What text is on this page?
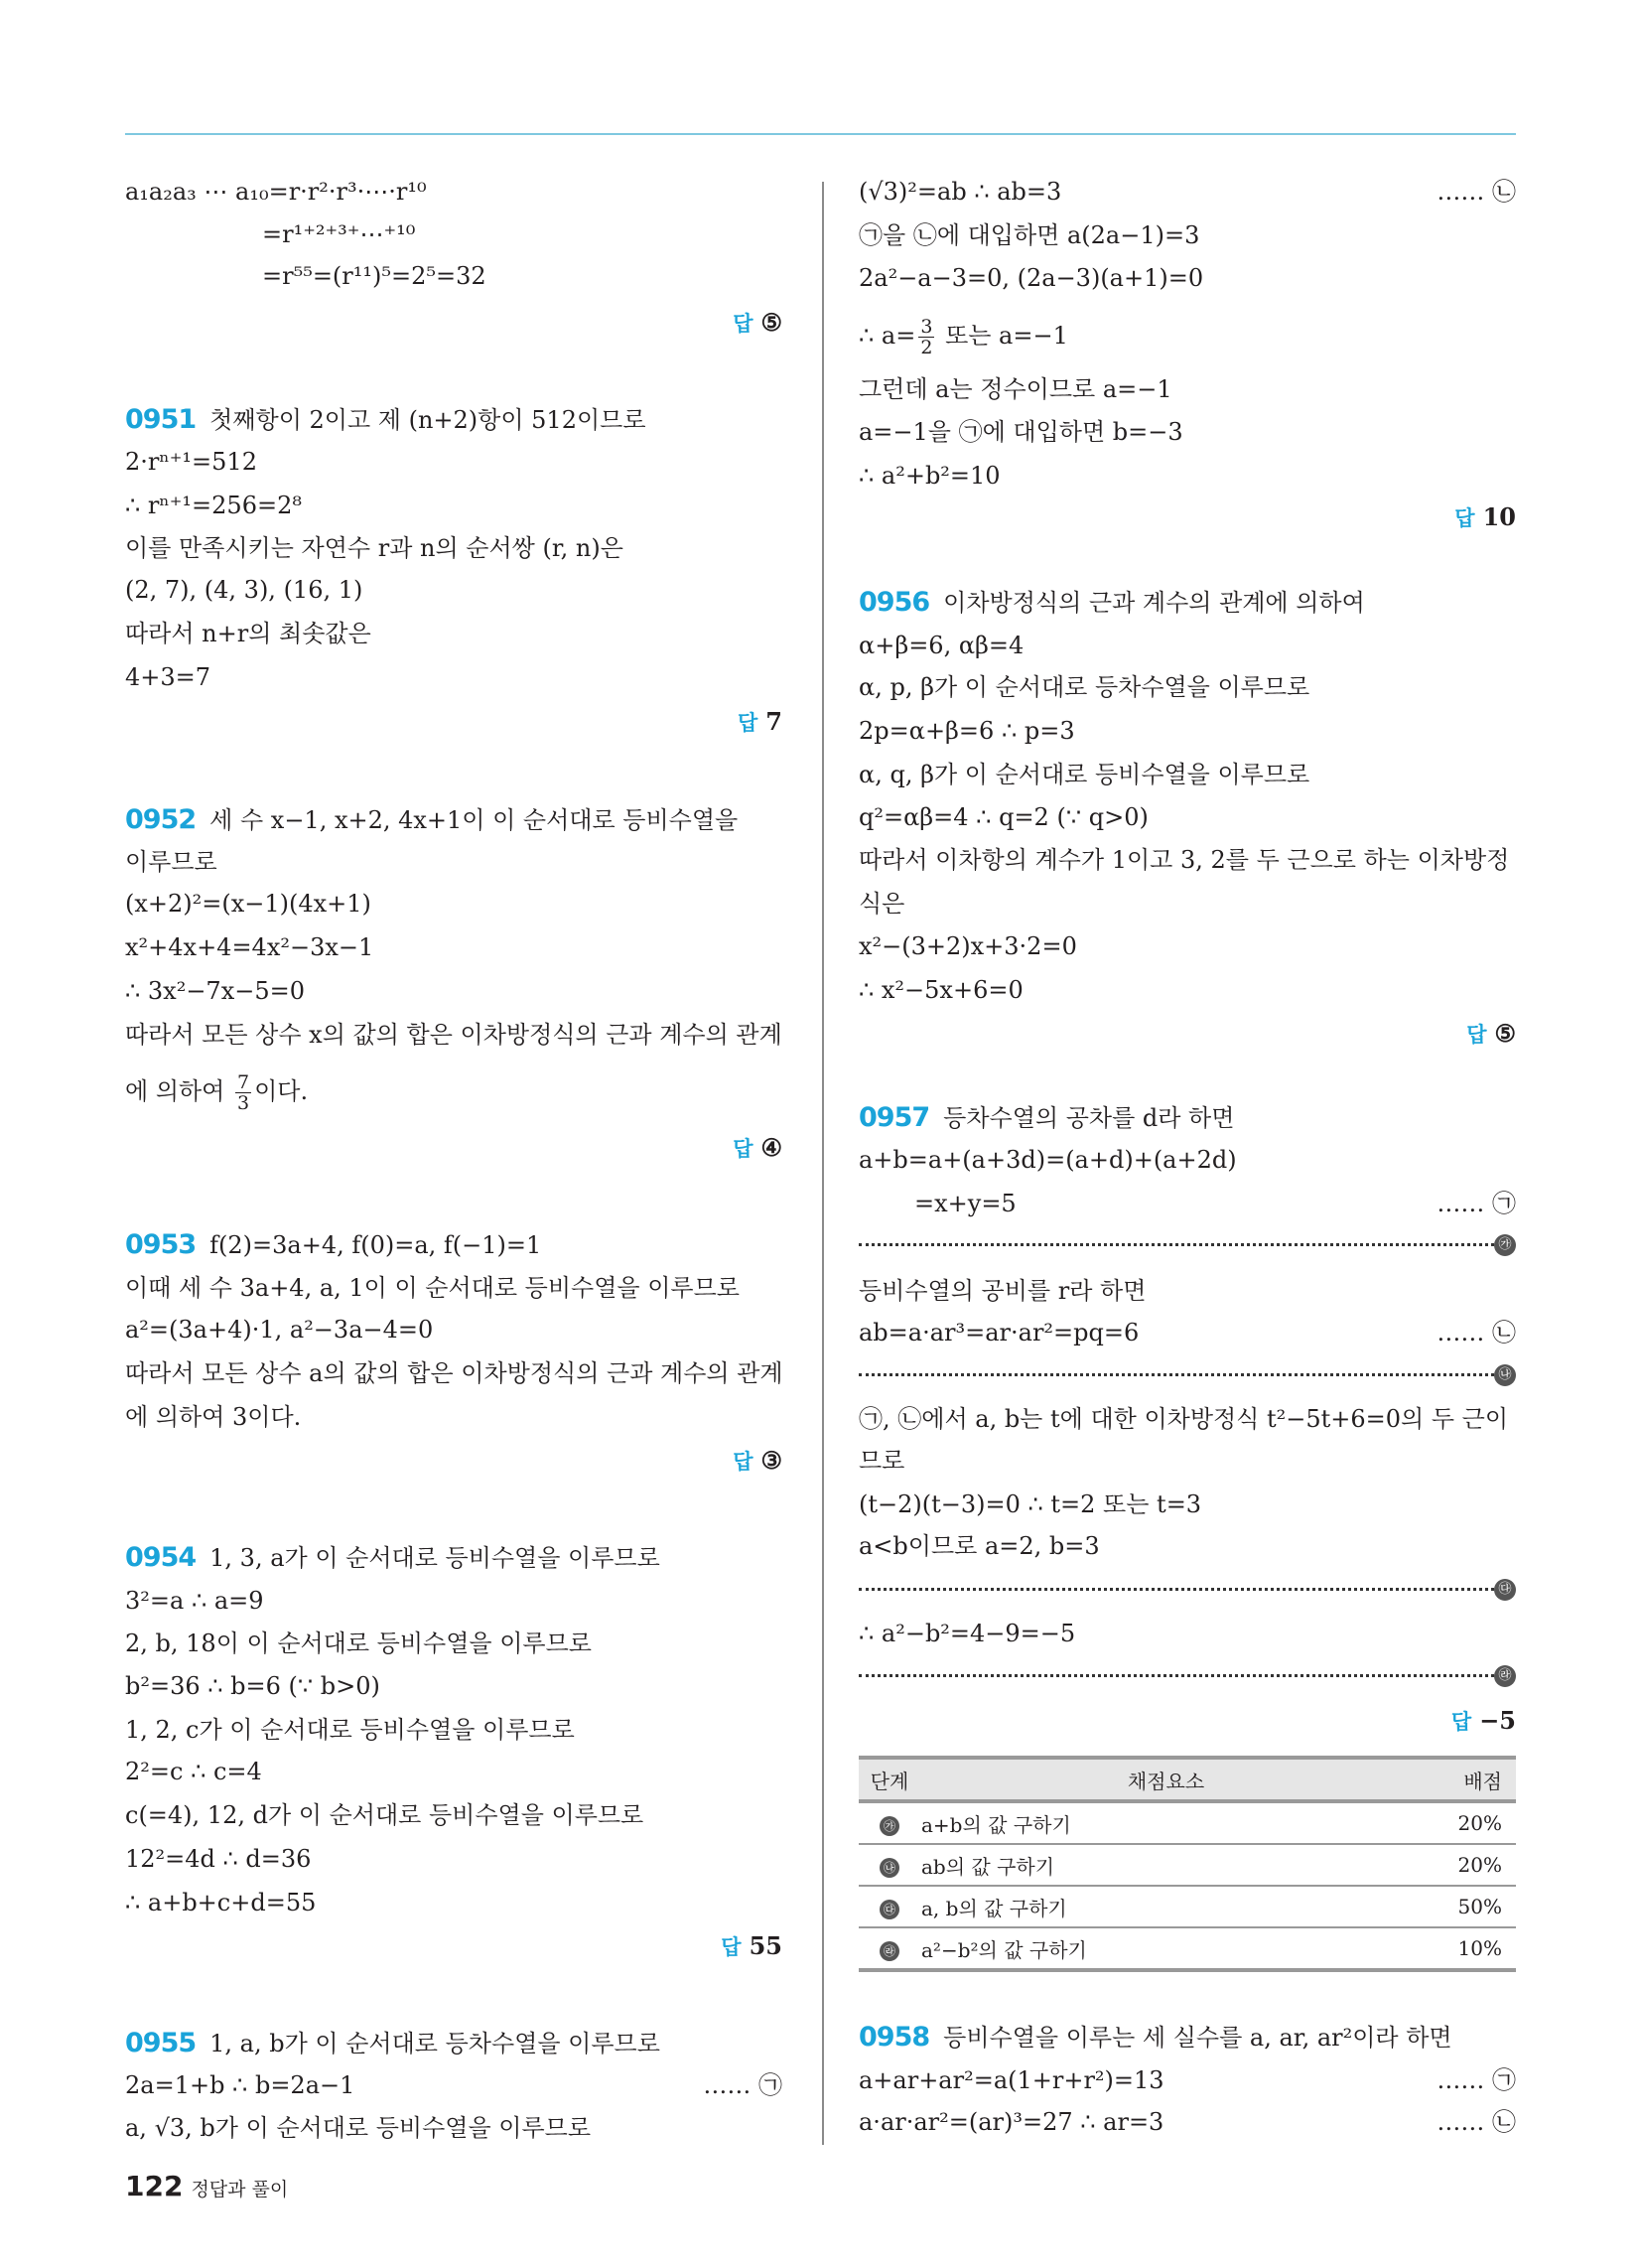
a₁a₂a₃ ⋯ a₁₀=r·r²·r³·⋯·r¹⁰
=r¹⁺²⁺³⁺⋯⁺¹⁰
=r⁵⁵=(r¹¹)⁵=2⁵=32
답 ⑤
0951 첫째항이 2이고 제 (n+2)항이 512이므로
2·rⁿ⁺¹=512
∴ rⁿ⁺¹=256=2⁸
이를 만족시키는 자연수 r과 n의 순서쌍 (r, n)은
(2, 7), (4, 3), (16, 1)
따라서 n+r의 최솟값은
4+3=7
답 7
0952 세 수 x−1, x+2, 4x+1이 이 순서대로 등비수열을
이루므로
(x+2)²=(x−1)(4x+1)
x²+4x+4=4x²−3x−1
∴ 3x²−7x−5=0
따라서 모든 상수 x의 값의 합은 이차방정식의 근과 계수의 관계
에 의하여 $\frac{7}{3}$ 이다.
답 ④
0953 f(2)=3a+4, f(0)=a, f(−1)=1
이때 세 수 3a+4, a, 1이 이 순서대로 등비수열을 이루므로
a²=(3a+4)·1, a²−3a−4=0
따라서 모든 상수 a의 값의 합은 이차방정식의 근과 계수의 관계
에 의하여 3이다.
답 ③
0954 1, 3, a가 이 순서대로 등비수열을 이루므로
3²=a ∴ a=9
2, b, 18이 이 순서대로 등비수열을 이루므로
b²=36 ∴ b=6 (∵ b>0)
1, 2, c가 이 순서대로 등비수열을 이루므로
2²=c ∴ c=4
c(=4), 12, d가 이 순서대로 등비수열을 이루므로
12²=4d ∴ d=36
∴ a+b+c+d=55
답 55
0955 1, a, b가 이 순서대로 등차수열을 이루므로
2a=1+b ∴ b=2a−1	…… ㉠
a, √3, b가 이 순서대로 등비수열을 이루므로
(√3)²=ab ∴ ab=3	…… ㉡
㉠을 ㉡에 대입하면 a(2a−1)=3
2a²−a−3=0, (2a−3)(a+1)=0
∴ $a= \frac{3}{2}$ 또는 a=−1
그런데 a는 정수이므로 a=−1
a=−1을 ㉠에 대입하면 b=−3
∴ a²+b²=10
답 10
0956 이차방정식의 근과 계수의 관계에 의하여
α+β=6, αβ=4
α, p, β가 이 순서대로 등차수열을 이루므로
2p=α+β=6 ∴ p=3
α, q, β가 이 순서대로 등비수열을 이루므로
q²=αβ=4 ∴ q=2 (∵ q>0)
따라서 이차항의 계수가 1이고 3, 2를 두 근으로 하는 이차방정
식은
x²−(3+2)x+3·2=0
∴ x²−5x+6=0
답 ⑤
0957 등차수열의 공차를 d라 하면
a+b=a+(a+3d)=(a+d)+(a+2d)
=x+y=5	…… ㉠
㉮
등비수열의 공비를 r라 하면
ab=a·ar³=ar·ar²=pq=6	…… ㉡
㉯
㉠, ㉡에서 a, b는 t에 대한 이차방정식 t²−5t+6=0의 두 근이
므로
(t−2)(t−3)=0 ∴ t=2 또는 t=3
a<b이므로 a=2, b=3
㉰
∴ a²−b²=4−9=−5
㉱
답 −5
단계	채점요소	배점
㉮	a+b의 값 구하기	20%
㉯	ab의 값 구하기	20%
㉰	a, b의 값 구하기	50%
㉱	a²−b²의 값 구하기	10%
0958 등비수열을 이루는 세 실수를 a, ar, ar²이라 하면
a+ar+ar²=a(1+r+r²)=13	…… ㉠
a·ar·ar²=(ar)³=27 ∴ ar=3	…… ㉡
122 정답과 풀이
